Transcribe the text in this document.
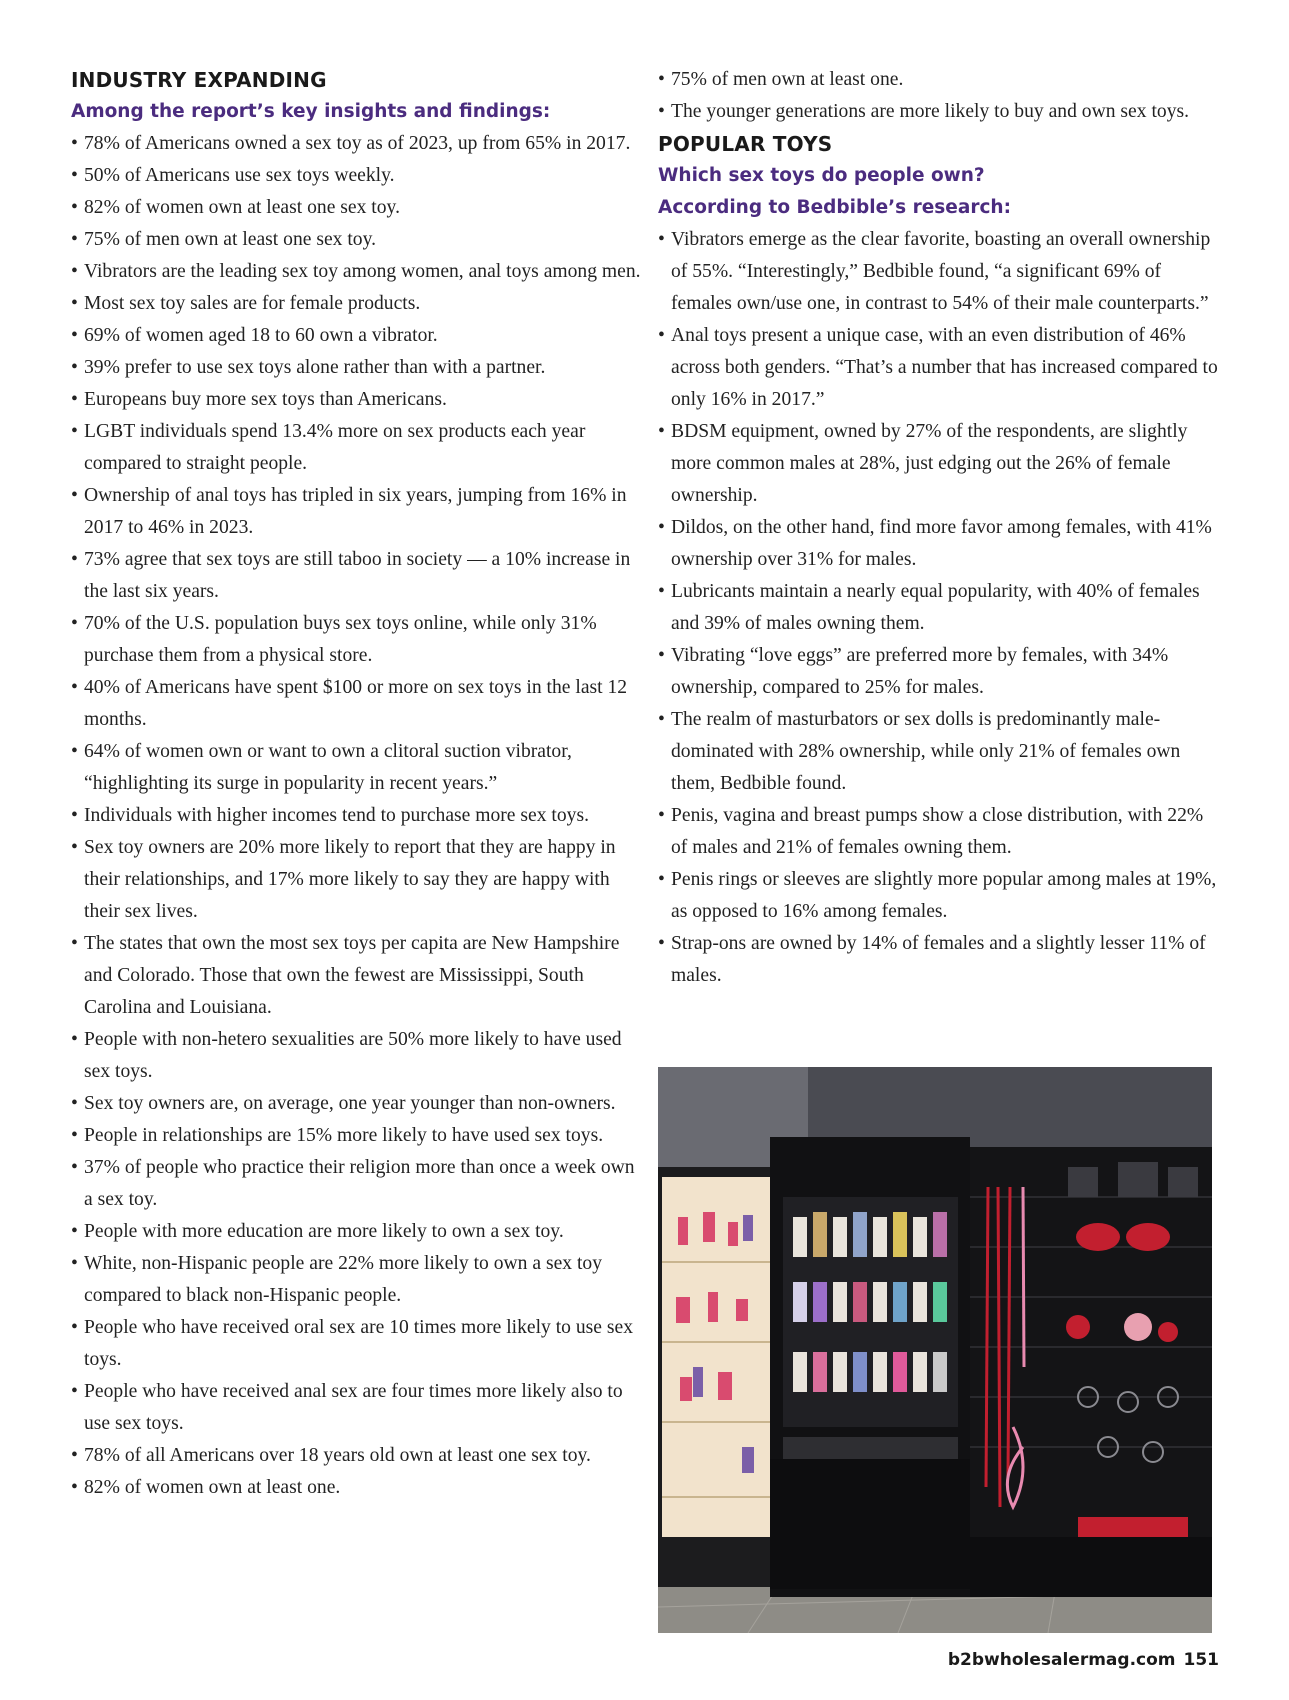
INDUSTRY EXPANDING

Among the report’s key insights and findings:

• 78% of Americans owned a sex toy as of 2023, up from 65% in 2017.
• 50% of Americans use sex toys weekly.
• 82% of women own at least one sex toy.
• 75% of men own at least one sex toy.
• Vibrators are the leading sex toy among women, anal toys among men.
• Most sex toy sales are for female products.
• 69% of women aged 18 to 60 own a vibrator.
• 39% prefer to use sex toys alone rather than with a partner.
• Europeans buy more sex toys than Americans.
• LGBT individuals spend 13.4% more on sex products each year compared to straight people.
• Ownership of anal toys has tripled in six years, jumping from 16% in 2017 to 46% in 2023.
• 73% agree that sex toys are still taboo in society — a 10% increase in the last six years.
• 70% of the U.S. population buys sex toys online, while only 31% purchase them from a physical store.
• 40% of Americans have spent $100 or more on sex toys in the last 12 months.
• 64% of women own or want to own a clitoral suction vibrator, “highlighting its surge in popularity in recent years.”
• Individuals with higher incomes tend to purchase more sex toys.
• Sex toy owners are 20% more likely to report that they are happy in their relationships, and 17% more likely to say they are happy with their sex lives.
• The states that own the most sex toys per capita are New Hampshire and Colorado. Those that own the fewest are Mississippi, South Carolina and Louisiana.
• People with non-hetero sexualities are 50% more likely to have used sex toys.
• Sex toy owners are, on average, one year younger than non-owners.
• People in relationships are 15% more likely to have used sex toys.
• 37% of people who practice their religion more than once a week own a sex toy.
• People with more education are more likely to own a sex toy.
• White, non-Hispanic people are 22% more likely to own a sex toy compared to black non-Hispanic people.
• People who have received oral sex are 10 times more likely to use sex toys.
• People who have received anal sex are four times more likely also to use sex toys.
• 78% of all Americans over 18 years old own at least one sex toy.
• 82% of women own at least one.
• 75% of men own at least one.
• The younger generations are more likely to buy and own sex toys.

POPULAR TOYS

Which sex toys do people own?

According to Bedbible’s research:

• Vibrators emerge as the clear favorite, boasting an overall ownership of 55%. “Interestingly,” Bedbible found, “a significant 69% of females own/use one, in contrast to 54% of their male counterparts.”
• Anal toys present a unique case, with an even distribution of 46% across both genders. “That’s a number that has increased compared to only 16% in 2017.”
• BDSM equipment, owned by 27% of the respondents, are slightly more common males at 28%, just edging out the 26% of female ownership.
• Dildos, on the other hand, find more favor among females, with 41% ownership over 31% for males.
• Lubricants maintain a nearly equal popularity, with 40% of females and 39% of males owning them.
• Vibrating “love eggs” are preferred more by females, with 34% ownership, compared to 25% for males.
• The realm of masturbators or sex dolls is predominantly male-dominated with 28% ownership, while only 21% of females own them, Bedbible found.
• Penis, vagina and breast pumps show a close distribution, with 22% of males and 21% of females owning them.
• Penis rings or sleeves are slightly more popular among males at 19%, as opposed to 16% among females.
• Strap-ons are owned by 14% of females and a slightly lesser 11% of males.
b2bwholesalermag.com 151
